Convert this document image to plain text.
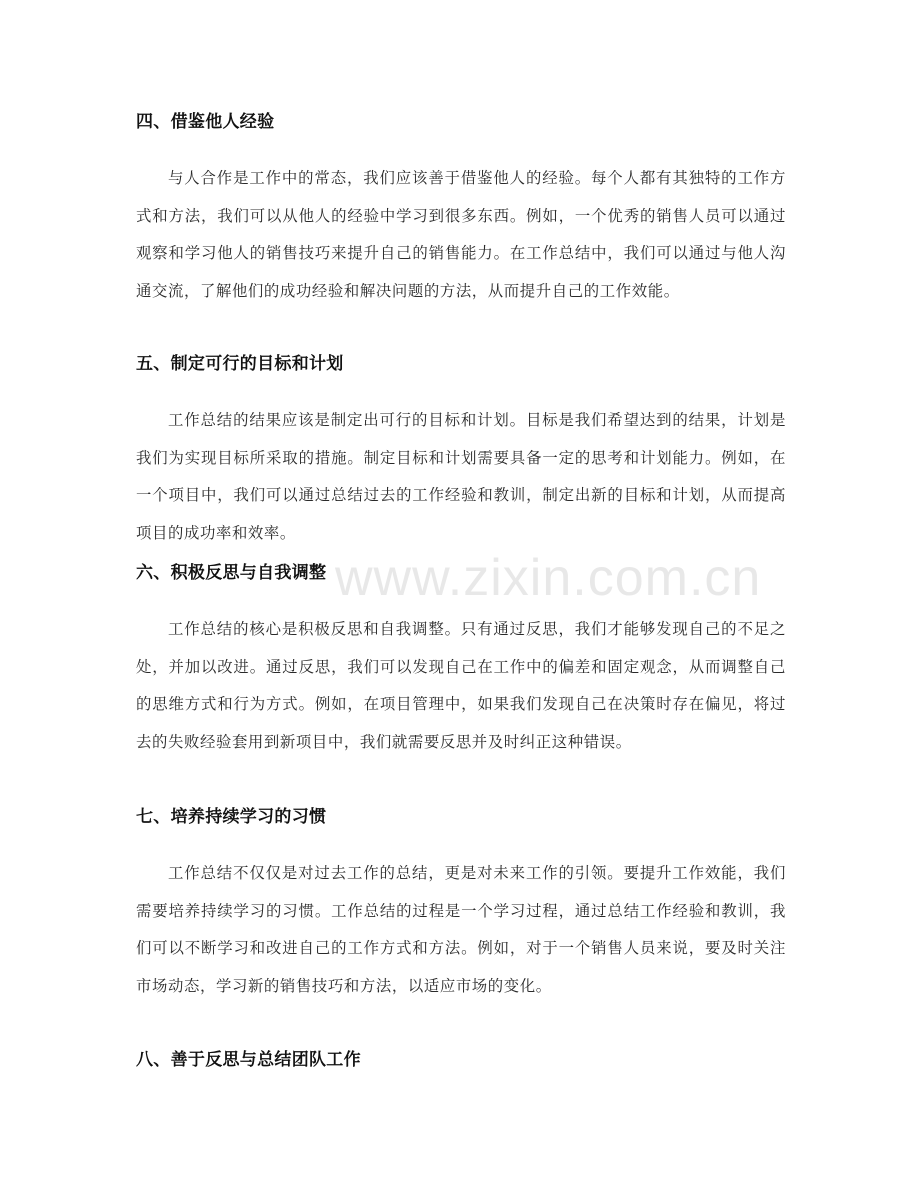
四、借鉴他人经验

与人合作是工作中的常态，我们应该善于借鉴他人的经验。每个人都有其独特的工作方式和方法，我们可以从他人的经验中学习到很多东西。例如，一个优秀的销售人员可以通过观察和学习他人的销售技巧来提升自己的销售能力。在工作总结中，我们可以通过与他人沟通交流，了解他们的成功经验和解决问题的方法，从而提升自己的工作效能。

五、制定可行的目标和计划

工作总结的结果应该是制定出可行的目标和计划。目标是我们希望达到的结果，计划是我们为实现目标所采取的措施。制定目标和计划需要具备一定的思考和计划能力。例如，在一个项目中，我们可以通过总结过去的工作经验和教训，制定出新的目标和计划，从而提高项目的成功率和效率。

六、积极反思与自我调整

工作总结的核心是积极反思和自我调整。只有通过反思，我们才能够发现自己的不足之处，并加以改进。通过反思，我们可以发现自己在工作中的偏差和固定观念，从而调整自己的思维方式和行为方式。例如，在项目管理中，如果我们发现自己在决策时存在偏见，将过去的失败经验套用到新项目中，我们就需要反思并及时纠正这种错误。

七、培养持续学习的习惯

工作总结不仅仅是对过去工作的总结，更是对未来工作的引领。要提升工作效能，我们需要培养持续学习的习惯。工作总结的过程是一个学习过程，通过总结工作经验和教训，我们可以不断学习和改进自己的工作方式和方法。例如，对于一个销售人员来说，要及时关注市场动态，学习新的销售技巧和方法，以适应市场的变化。

八、善于反思与总结团队工作
www.zixin.com.cn
